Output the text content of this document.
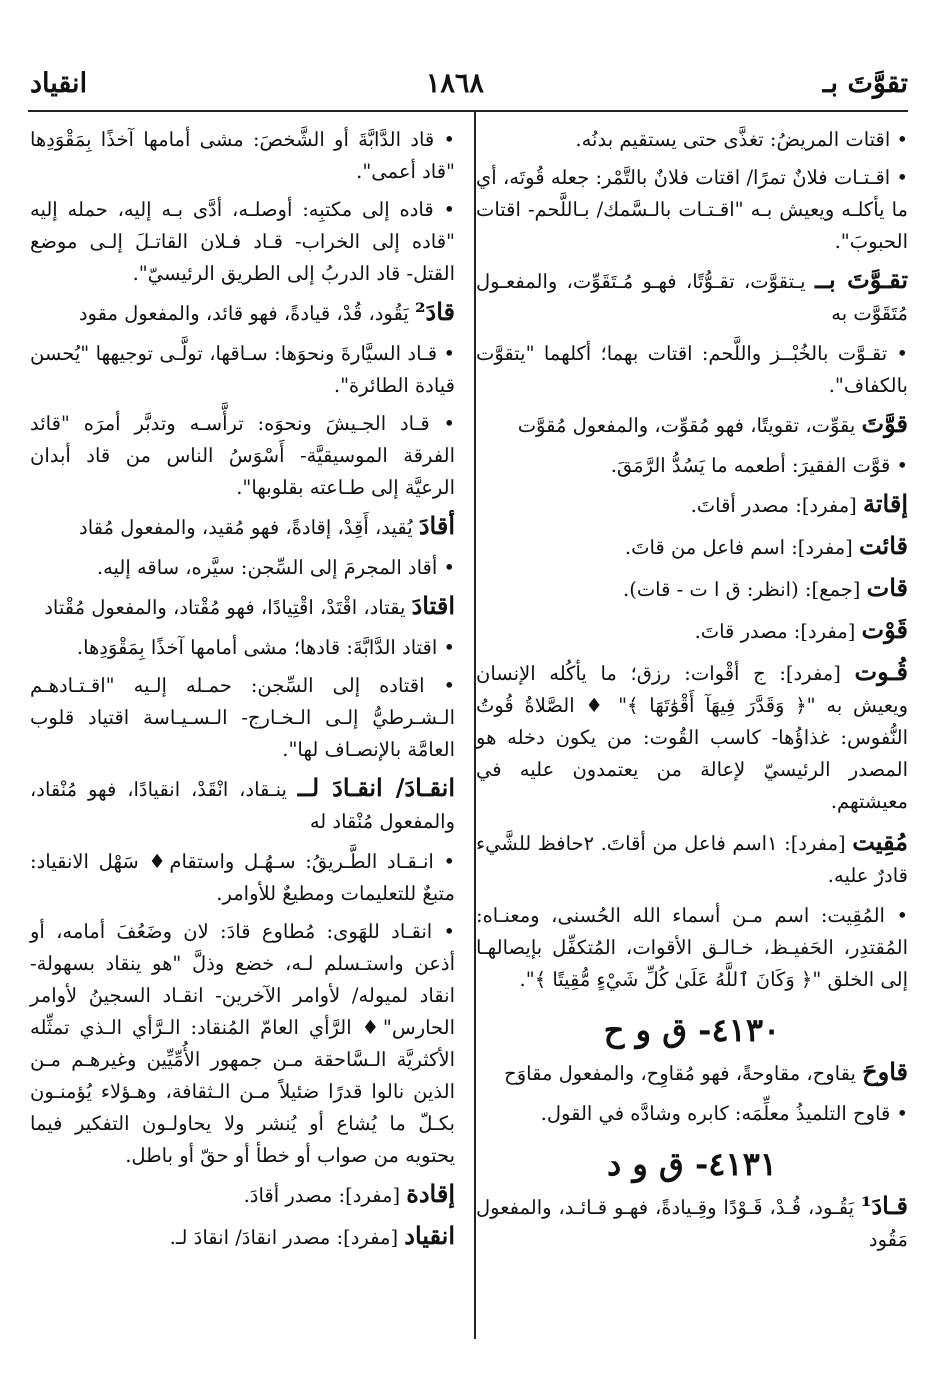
انقياد	١٨٦٨	تقوَّتَ بـ
• اقتات المريضُ: تغذَّى حتى يستقيم بدنُه.
• اقـتـات فلانٌ تمرًا/ اقتات فلانٌ بالتَّمْر: جعله قُوتَه، أي ما يأكلـه ويعيش بـه "اقـتـات بالـسَّمك/ بـاللَّحم- اقتات الحبوبَ".
تقـوَّتَ بــ يـتقوَّت، تقـوُّتًا، فهـو مُـتَقَوِّت، والمفعـول مُتَقَوَّت به
• تقـوَّت بالخُبْــز واللَّحم: اقتات بهما؛ أكلهما "يتقوَّت بالكفاف".
قوَّتَ يقوِّت، تقويتًا، فهو مُقوِّت، والمفعول مُقوَّت
• قوَّت الفقيرَ: أطعمه ما يَسُدُّ الرَّمَقَ.
إقاتة [مفرد]: مصدر أقاتَ.
قائت [مفرد]: اسم فاعل من قاتَ.
قات [جمع]: (انظر: ق ا ت - قات).
قَوْت [مفرد]: مصدر قاتَ.
قُـوت [مفرد]: ج أقْوات: رزق؛ ما يأكُله الإنسان ويعيش به "﴿ وَقَدَّرَ فِيهَآ أَقْوَٰتَهَا ﴾" ♦ الصَّلاةُ قُوتُ النُّفوس: غذاؤُها- كاسب القُوت: من يكون دخله هو المصدر الرئيسيّ لإعالة من يعتمدون عليه في معيشتهم.
مُقِيت [مفرد]: ١اسم فاعل من أقاتَ. ٢حافظ للشَّيء قادرٌ عليه.
• المُقِيت: اسم مـن أسماء الله الحُسنى، ومعنـاه: المُقتدِر، الحَفيـظ، خـالـق الأقوات، المُتكفِّل بإيصالهـا إلى الخلق "﴿ وَكَانَ ٱللَّهُ عَلَىٰ كُلِّ شَيْءٍ مُّقِيتًا ﴾".
٤١٣٠- ق و ح
قاوحَ يقاوح، مقاوحةً، فهو مُقاوِح، والمفعول مقاوَح
• قاوح التلميذُ معلِّمَه: كابره وشادَّه في القول.
٤١٣١- ق و د
قـادَ¹ يَقُـود، قُـدْ، قَـوْدًا وقِـيادةً، فهـو قـائـد، والمفعول مَقُود
• قاد الدَّابَّةَ أو الشَّخصَ: مشى أمامها آخذًا بِمَقْوَدِها "قاد أعمى".
• قاده إلى مكتبِه: أوصلـه، أدَّى بـه إليه، حمله إليه "قاده إلى الخراب- قـاد فـلان القاتـلَ إلـى موضع القتل- قاد الدربُ إلى الطريق الرئيسيّ".
قادَ² يَقُود، قُدْ، قيادةً، فهو قائد، والمفعول مقود
• قـاد السيَّارةَ ونحوَها: سـاقها، تولَّـى توجيهها "يُحسن قيادة الطائرة".
• قـاد الجـيشَ ونحوَه: ترأَّسـه وتدبَّر أمرَه "قائد الفرقة الموسيقيَّة- أَسْوَسُ الناس من قاد أبدان الرعيَّة إلى طـاعته بقلوبها".
أقادَ يُقيد، أَقِدْ، إقادةً، فهو مُقيد، والمفعول مُقاد
• أقاد المجرمَ إلى السِّجن: سيَّره، ساقه إليه.
اقتادَ يقتاد، اقْتَدْ، اقْتِيادًا، فهو مُقْتاد، والمفعول مُقْتاد
• اقتاد الدَّابَّةَ: قادها؛ مشى أمامها آخذًا بِمَقْوَدِها.
• اقتاده إلى السِّجن: حمـله إلـيه "اقـتـادهـم الـشـرطيُّ إلـى الـخـارج- الـسـيـاسة اقتياد قلوب العامَّة بالإنصـاف لها".
انقـادَ/ انقـادَ لــ ينـقاد، انْقَدْ، انقيادًا، فهو مُنْقاد، والمفعول مُنْقاد له
• انـقـاد الطَّـريقُ: سـهُـل واستقام♦ سَهْل الانقياد: متبعٌ للتعليمات ومطيعٌ للأوامر.
• انقـاد للهَوى: مُطاوع قادَ: لان وضَعُفَ أمامه، أو أذعن واستـسلم لـه، خضع وذلَّ "هو ينقاد بسهولة- انقاد لميوله/ لأوامر الآخرين- انقـاد السجينُ لأوامر الحارس"♦ الرَّأي العامّ المُنقاد: الـرَّأي الـذي تمثِّله الأكثريَّة الـسَّاحقة مـن جمهور الأُمِّيِّين وغيرهـم مـن الذين نالوا قدرًا ضئيلاً مـن الـثقافة، وهـؤلاء يُؤمنـون بكـلّ ما يُشاع أو يُنشر ولا يحاولـون التفكير فيما يحتويه من صواب أو خطأ أو حقّ أو باطل.
إقادة [مفرد]: مصدر أقادَ.
انقياد [مفرد]: مصدر انقادَ/ انقادَ لـ.
